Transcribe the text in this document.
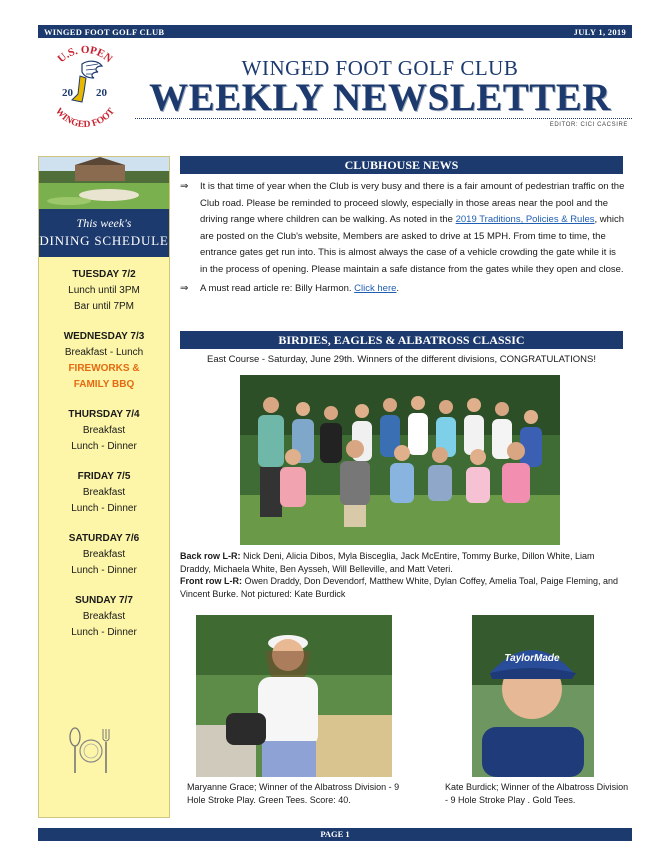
WINGED FOOT GOLF CLUB	JULY 1, 2019
U.S. OPEN
WINGED FOOT
20 20
WINGED FOOT GOLF CLUB
WEEKLY NEWSLETTER
EDITOR: CICI CACSIRE
This week's
DINING SCHEDULE
TUESDAY 7/2
Lunch until 3PM
Bar until 7PM
WEDNESDAY 7/3
Breakfast - Lunch
FIREWORKS &
FAMILY BBQ
THURSDAY 7/4
Breakfast
Lunch - Dinner
FRIDAY 7/5
Breakfast
Lunch - Dinner
SATURDAY 7/6
Breakfast
Lunch - Dinner
SUNDAY 7/7
Breakfast
Lunch - Dinner
CLUBHOUSE NEWS
⇒ It is that time of year when the Club is very busy and there is a fair amount of pedestrian traffic on the Club road. Please be reminded to proceed slowly, especially in those areas near the pool and the driving range where children can be walking. As noted in the 2019 Traditions, Policies & Rules, which are posted on the Club's website, Members are asked to drive at 15 MPH. From time to time, the entrance gates get run into. This is almost always the case of a vehicle crowding the gate while it is in the process of opening. Please maintain a safe distance from the gates while they open and close.
⇒ A must read article re: Billy Harmon. Click here.
BIRDIES, EAGLES & ALBATROSS CLASSIC
East Course - Saturday, June 29th. Winners of the different divisions, CONGRATULATIONS!
Back row L-R: Nick Deni, Alicia Dibos, Myla Bisceglia, Jack McEntire, Tommy Burke, Dillon White, Liam Draddy, Michaela White, Ben Aysseh, Will Belleville, and Matt Veteri.
Front row L-R: Owen Draddy, Don Devendorf, Matthew White, Dylan Coffey, Amelia Toal, Paige Fleming, and Vincent Burke. Not pictured: Kate Burdick
TaylorMade
Maryanne Grace; Winner of the Albatross Division - 9 Hole Stroke Play. Green Tees. Score: 40.
Kate Burdick; Winner of the Albatross Division - 9 Hole Stroke Play . Gold Tees.
PAGE 1
